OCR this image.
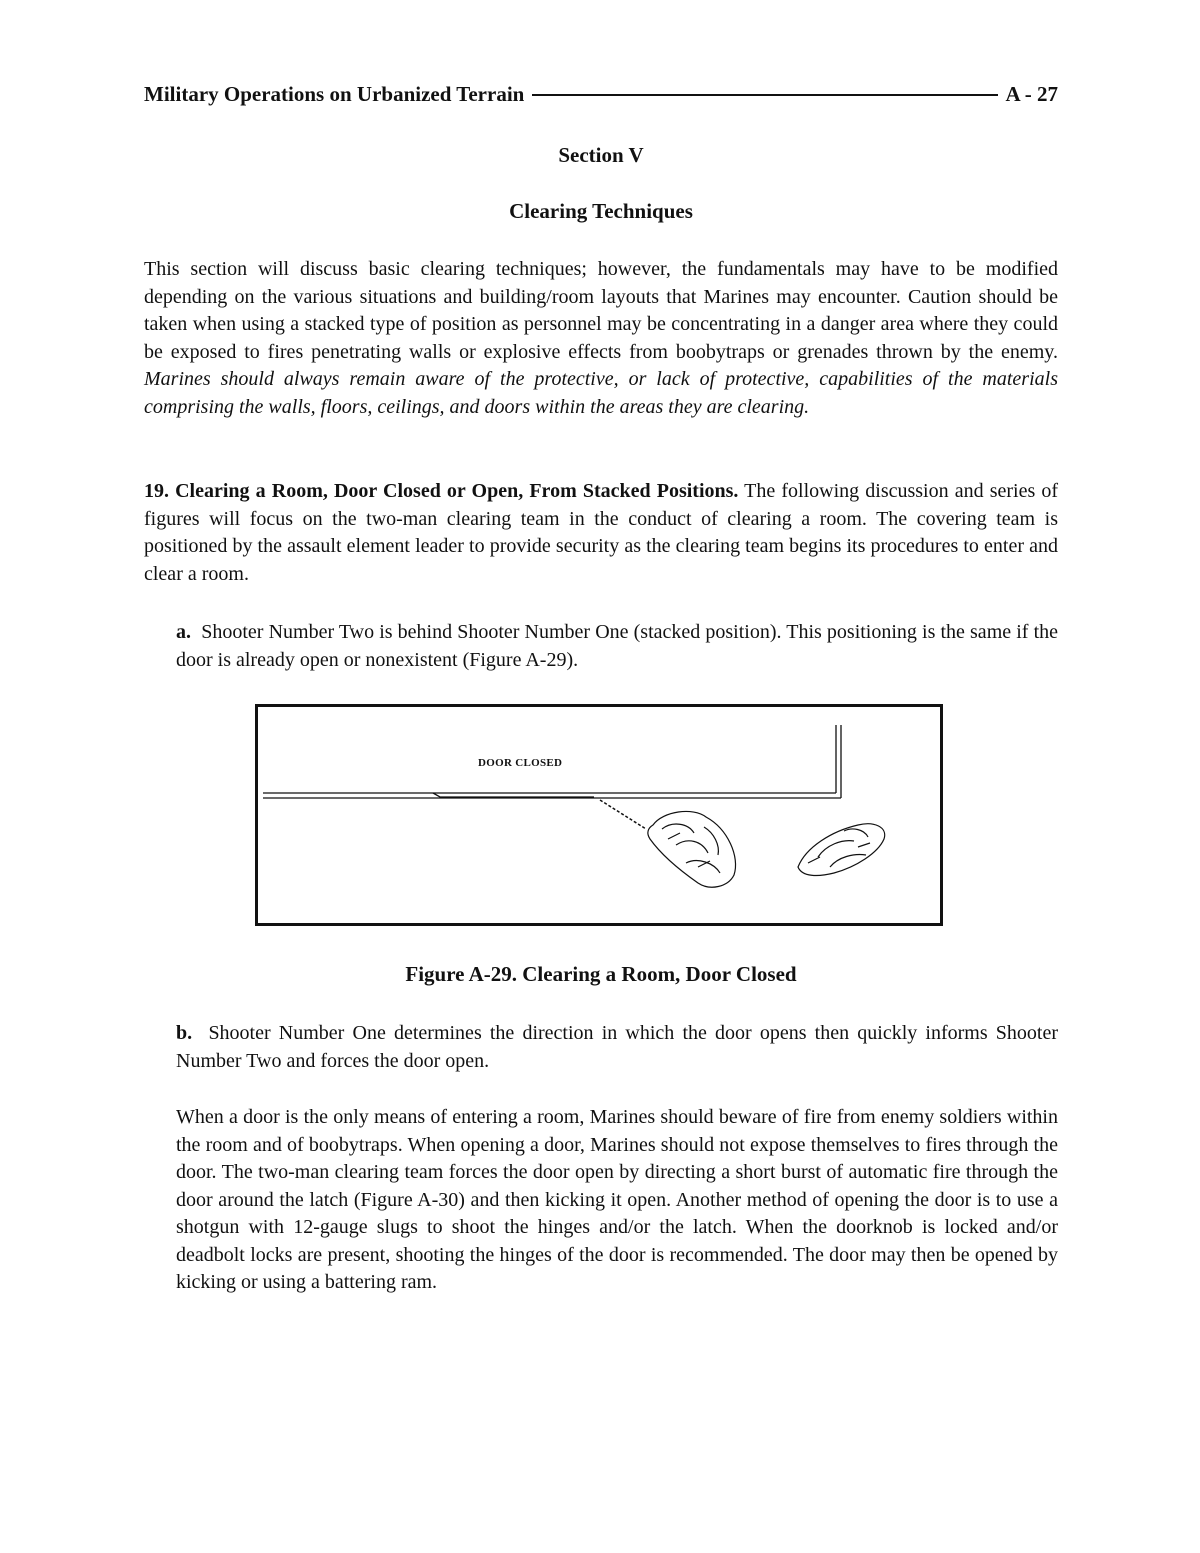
Military Operations on Urbanized Terrain	A - 27
Section V
Clearing Techniques
This section will discuss basic clearing techniques; however, the fundamentals may have to be modified depending on the various situations and building/room layouts that Marines may encounter. Caution should be taken when using a stacked type of position as personnel may be concentrating in a danger area where they could be exposed to fires penetrating walls or explosive effects from boobytraps or grenades thrown by the enemy. Marines should always remain aware of the protective, or lack of protective, capabilities of the materials comprising the walls, floors, ceilings, and doors within the areas they are clearing.
19. Clearing a Room, Door Closed or Open, From Stacked Positions. The following discussion and series of figures will focus on the two-man clearing team in the conduct of clearing a room. The covering team is positioned by the assault element leader to provide security as the clearing team begins its procedures to enter and clear a room.
a. Shooter Number Two is behind Shooter Number One (stacked position). This positioning is the same if the door is already open or nonexistent (Figure A-29).
DOOR CLOSED
Figure A-29. Clearing a Room, Door Closed
b. Shooter Number One determines the direction in which the door opens then quickly informs Shooter Number Two and forces the door open.
When a door is the only means of entering a room, Marines should beware of fire from enemy soldiers within the room and of boobytraps. When opening a door, Marines should not expose themselves to fires through the door. The two-man clearing team forces the door open by directing a short burst of automatic fire through the door around the latch (Figure A-30) and then kicking it open. Another method of opening the door is to use a shotgun with 12-gauge slugs to shoot the hinges and/or the latch. When the doorknob is locked and/or deadbolt locks are present, shooting the hinges of the door is recommended. The door may then be opened by kicking or using a battering ram.
